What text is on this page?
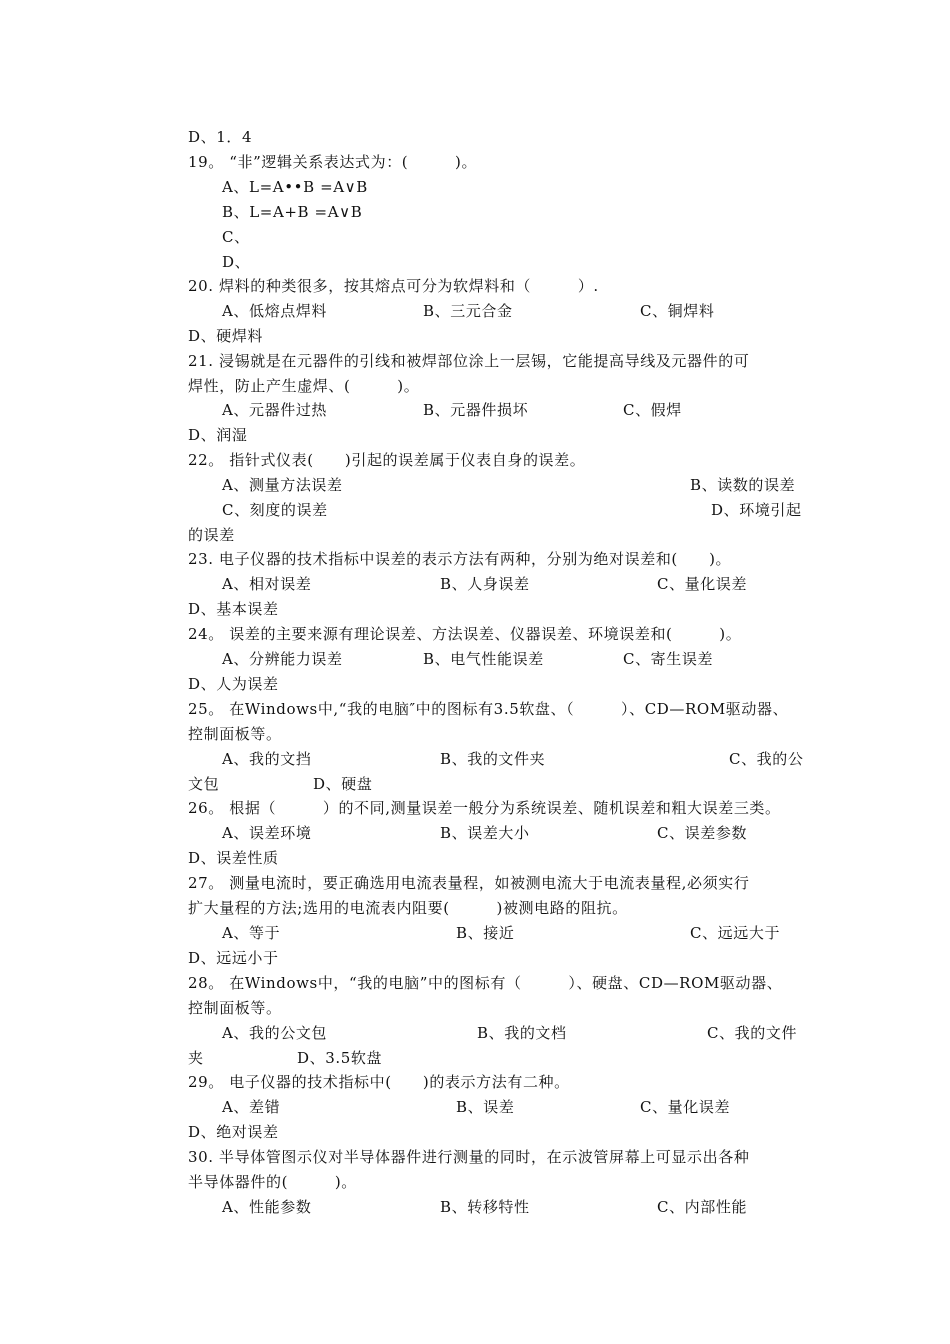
D、1．4
19。 “非”逻辑关系表达式为：(　　　)。
A、L=A••B =A∨B
B、L=A+B =A∨B
C、
D、
20. 焊料的种类很多，按其熔点可分为软焊料和（　　　）.
A、低熔点焊料	B、三元合金	C、铜焊料
D、硬焊料
21. 浸锡就是在元器件的引线和被焊部位涂上一层锡，它能提高导线及元器件的可
焊性，防止产生虚焊、(　　　)。
A、元器件过热	B、元器件损坏	C、假焊
D、润湿
22。 指针式仪表(　　)引起的误差属于仪表自身的误差。
A、测量方法误差	B、读数的误差
C、刻度的误差	D、环境引起
的误差
23. 电子仪器的技术指标中误差的表示方法有两种，分别为绝对误差和(　　)。
A、相对误差	B、人身误差	C、量化误差
D、基本误差
24。 误差的主要来源有理论误差、方法误差、仪器误差、环境误差和(　　　)。
A、分辨能力误差	B、电气性能误差	C、寄生误差
D、人为误差
25。 在Windows中,“我的电脑″中的图标有3.5软盘、（　　　）、CD—ROM驱动器、
控制面板等。
A、我的文挡	B、我的文件夹	C、我的公
文包	D、硬盘
26。 根据（　　　）的不同,测量误差一般分为系统误差、随机误差和粗大误差三类。
A、误差环境	B、误差大小	C、误差参数
D、误差性质
27。 测量电流时，要正确选用电流表量程，如被测电流大于电流表量程,必须实行
扩大量程的方法;选用的电流表内阻要(　　　)被测电路的阻抗。
A、等于	B、接近	C、远远大于
D、远远小于
28。 在Windows中，“我的电脑”中的图标有（　　　）、硬盘、CD—ROM驱动器、
控制面板等。
A、我的公文包	B、我的文档	C、我的文件
夹	D、3.5软盘
29。 电子仪器的技术指标中(　　)的表示方法有二种。
A、差错	B、误差	C、量化误差
D、绝对误差
30. 半导体管图示仪对半导体器件进行测量的同时，在示波管屏幕上可显示出各种
半导体器件的(　　　)。
A、性能参数	B、转移特性	C、内部性能
